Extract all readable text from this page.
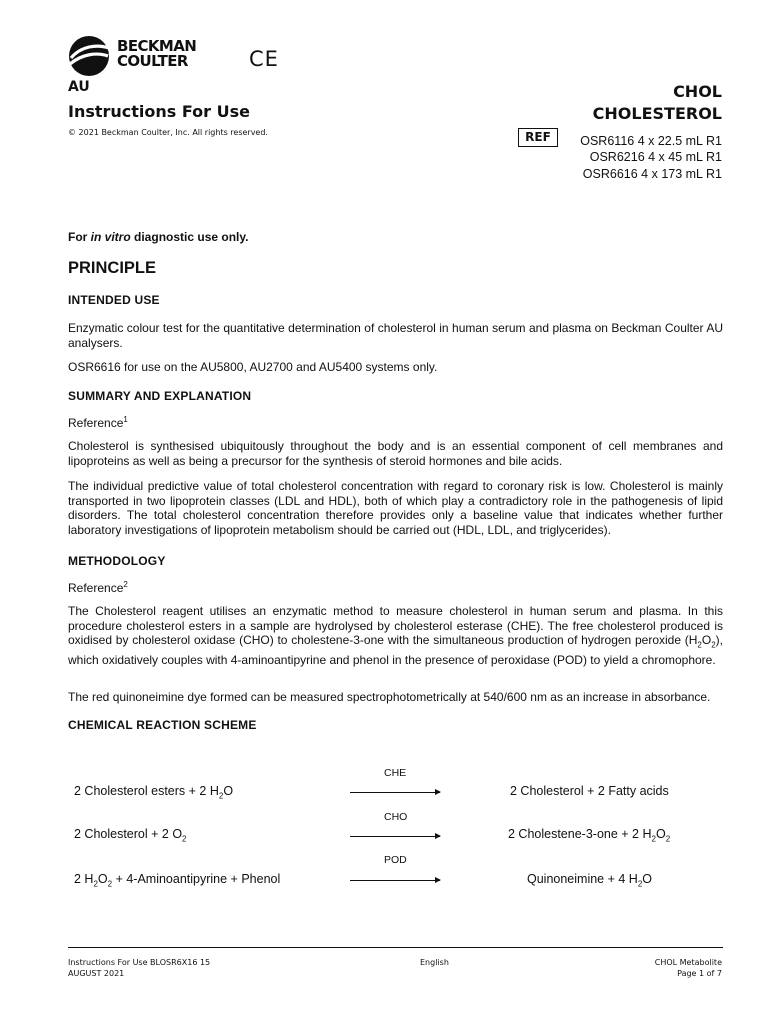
BECKMAN
COULTER	CE
AU
Instructions For Use
© 2021 Beckman Coulter, Inc. All rights reserved.
CHOL
CHOLESTEROL
REF	OSR6116 4 x 22.5 mL R1
OSR6216 4 x 45 mL R1
OSR6616 4 x 173 mL R1
For in vitro diagnostic use only.
PRINCIPLE
INTENDED USE

Enzymatic colour test for the quantitative determination of cholesterol in human serum and plasma on Beckman Coulter AU analysers.

OSR6616 for use on the AU5800, AU2700 and AU5400 systems only.

SUMMARY AND EXPLANATION
Reference$^1$

Cholesterol is synthesised ubiquitously throughout the body and is an essential component of cell membranes and lipoproteins as well as being a precursor for the synthesis of steroid hormones and bile acids.

The individual predictive value of total cholesterol concentration with regard to coronary risk is low. Cholesterol is mainly transported in two lipoprotein classes (LDL and HDL), both of which play a contradictory role in the pathogenesis of lipid disorders. The total cholesterol concentration therefore provides only a baseline value that indicates whether further laboratory investigations of lipoprotein metabolism should be carried out (HDL, LDL, and triglycerides).

METHODOLOGY
Reference$^2$

The Cholesterol reagent utilises an enzymatic method to measure cholesterol in human serum and plasma. In this procedure cholesterol esters in a sample are hydrolysed by cholesterol esterase (CHE). The free cholesterol produced is oxidised by cholesterol oxidase (CHO) to cholestene-3-one with the simultaneous production of hydrogen peroxide $(H_2O_2)$, which oxidatively couples with 4-aminoantipyrine and phenol in the presence of peroxidase (POD) to yield a chromophore.

The red quinoneimine dye formed can be measured spectrophotometrically at 540/600 nm as an increase in absorbance.

CHEMICAL REACTION SCHEME
CHE
2 Cholesterol esters + 2 $H_2O$	2 Cholesterol + 2 Fatty acids
CHO
2 Cholesterol + 2 $O_2$	2 Cholestene-3-one + 2 $H_2O_2$
POD
2 $H_2O_2$ + 4-Aminoantipyrine + Phenol	Quinoneimine + 4 $H_2O$
Instructions For Use BLOSR6X16 15
AUGUST 2021
English	CHOL Metabolite
Page 1 of 7
